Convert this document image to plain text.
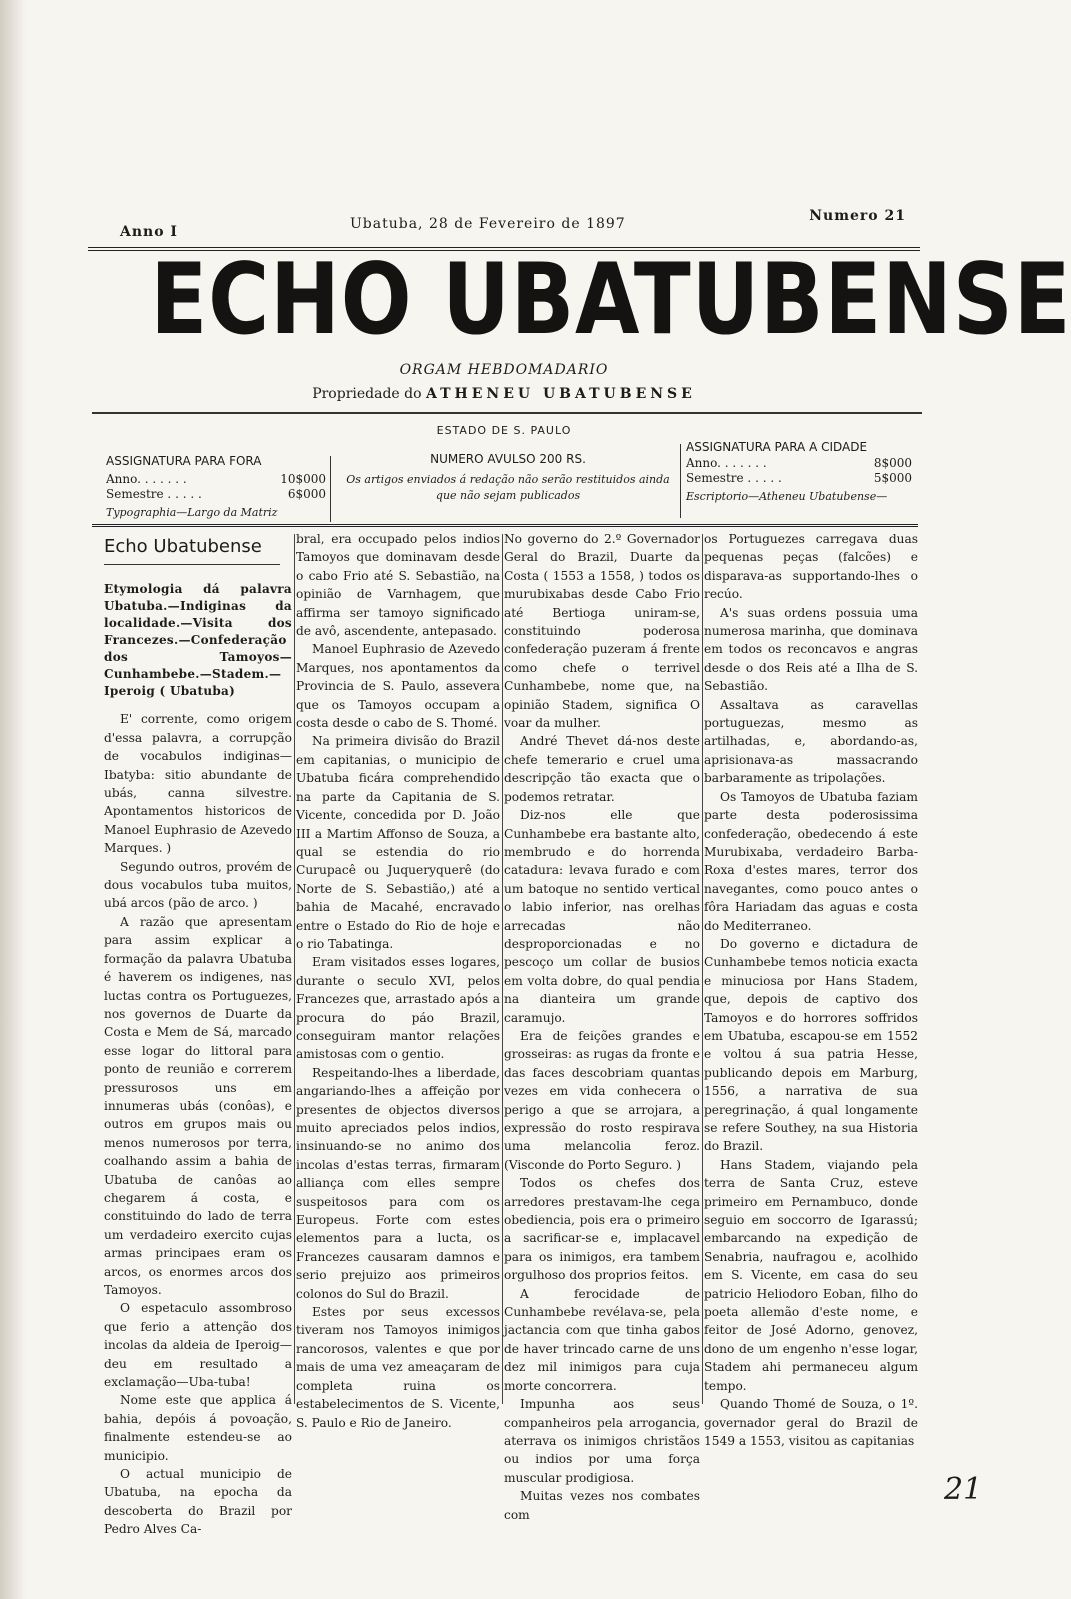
Anno I	Ubatuba, 28 de Fevereiro de 1897	Numero 21
ECHO UBATUBENSE
ORGAM HEBDOMADARIO
Propriedade do ATHENEU UBATUBENSE
ESTADO DE S. PAULO
ASSIGNATURA PARA FORA
Anno. . . . . . .	10$000
Semestre . . . . .	6$000
Typographia—Largo da Matriz
NUMERO AVULSO 200 RS.
Os artigos enviados á redação não serão restituidos ainda que não sejam publicados
ASSIGNATURA PARA A CIDADE
Anno. . . . . . .	8$000
Semestre . . . . .	5$000
Escriptorio—Atheneu Ubatubense—
Echo Ubatubense

Etymologia dá palavra Ubatuba.—Indiginas da localidade.—Visita dos Francezes.—Confederação dos Tamoyos—Cunhambebe.—Stadem.— Iperoig ( Ubatuba)

E' corrente, como origem d'essa palavra, a corrupção de vocabulos indiginas—Ibatyba: sitio abundante de ubás, canna silvestre. Apontamentos historicos de Manoel Euphrasio de Azevedo Marques. )

Segundo outros, provém de dous vocabulos tuba muitos, ubá arcos (pão de arco. )

A razão que apresentam para assim explicar a formação da palavra Ubatuba é haverem os indigenes, nas luctas contra os Portuguezes, nos governos de Duarte da Costa e Mem de Sá, marcado esse logar do littoral para ponto de reunião e correrem pressurosos uns em innumeras ubás (conôas), e outros em grupos mais ou menos numerosos por terra, coalhando assim a bahia de Ubatuba de canôas ao chegarem á costa, e constituindo do lado de terra um verdadeiro exercito cujas armas principaes eram os arcos, os enormes arcos dos Tamoyos.

O espetaculo assombroso que ferio a attenção dos incolas da aldeia de Iperoig—deu em resultado a exclamação—Uba-tuba!

Nome este que applica á bahia, depóis á povoação, finalmente estendeu-se ao municipio.

O actual municipio de Ubatuba, na epocha da descoberta do Brazil por Pedro Alves Ca-

bral, era occupado pelos indios Tamoyos que dominavam desde o cabo Frio até S. Sebastião, na opinião de Varnhagem, que affirma ser tamoyo significado de avô, ascendente, antepasado.

Manoel Euphrasio de Azevedo Marques, nos apontamentos da Provincia de S. Paulo, assevera que os Tamoyos occupam a costa desde o cabo de S. Thomé.

Na primeira divisão do Brazil em capitanias, o municipio de Ubatuba ficára comprehendido na parte da Capitania de S. Vicente, concedida por D. João III a Martim Affonso de Souza, a qual se estendia do rio Curupacê ou Juqueryquerê (do Norte de S. Sebastião,) até a bahia de Macahé, encravado entre o Estado do Rio de hoje e o rio Tabatinga.

Eram visitados esses logares, durante o seculo XVI, pelos Francezes que, arrastado após a procura do páo Brazil, conseguiram mantor relações amistosas com o gentio.

Respeitando-lhes a liberdade, angariando-lhes a affeição por presentes de objectos diversos muito apreciados pelos indios, insinuando-se no animo dos incolas d'estas terras, firmaram alliança com elles sempre suspeitosos para com os Europeus. Forte com estes elementos para a lucta, os Francezes causaram damnos e serio prejuizo aos primeiros colonos do Sul do Brazil.

Estes por seus excessos tiveram nos Tamoyos inimigos rancorosos, valentes e que por mais de uma vez ameaçaram de completa ruina os estabelecimentos de S. Vicente, S. Paulo e Rio de Janeiro.

No governo do 2.º Governador Geral do Brazil, Duarte da Costa ( 1553 a 1558, ) todos os murubixabas desde Cabo Frio até Bertioga uniram-se, constituindo poderosa confederação puzeram á frente como chefe o terrivel Cunhambebe, nome que, na opinião Stadem, significa O voar da mulher.

André Thevet dá-nos deste chefe temerario e cruel uma descripção tão exacta que o podemos retratar.

Diz-nos elle que Cunhambebe era bastante alto, membrudo e do horrenda catadura: levava furado e com um batoque no sentido vertical o labio inferior, nas orelhas arrecadas não desproporcionadas e no pescoço um collar de busios em volta dobre, do qual pendia na dianteira um grande caramujo.

Era de feições grandes e grosseiras: as rugas da fronte e das faces descobriam quantas vezes em vida conhecera o perigo a que se arrojara, a expressão do rosto respirava uma melancolia feroz. (Visconde do Porto Seguro. )

Todos os chefes dos arredores prestavam-lhe cega obediencia, pois era o primeiro a sacrificar-se e, implacavel para os inimigos, era tambem orgulhoso dos proprios feitos.

A ferocidade de Cunhambebe revélava-se, pela jactancia com que tinha gabos de haver trincado carne de uns dez mil inimigos para cuja morte concorrera.

Impunha aos seus companheiros pela arrogancia, aterrava os inimigos christãos ou indios por uma força muscular prodigiosa.

Muitas vezes nos combates com

os Portuguezes carregava duas pequenas peças (falcões) e disparava-as supportando-lhes o recúo.

A's suas ordens possuia uma numerosa marinha, que dominava em todos os reconcavos e angras desde o dos Reis até a Ilha de S. Sebastião.

Assaltava as caravellas portuguezas, mesmo as artilhadas, e, abordando-as, aprisionava-as massacrando barbaramente as tripolações.

Os Tamoyos de Ubatuba faziam parte desta poderosissima confederação, obedecendo á este Murubixaba, verdadeiro Barba-Roxa d'estes mares, terror dos navegantes, como pouco antes o fôra Hariadam das aguas e costa do Mediterraneo.

Do governo e dictadura de Cunhambebe temos noticia exacta e minuciosa por Hans Stadem, que, depois de captivo dos Tamoyos e do horrores soffridos em Ubatuba, escapou-se em 1552 e voltou á sua patria Hesse, publicando depois em Marburg, 1556, a narrativa de sua peregrinação, á qual longamente se refere Southey, na sua Historia do Brazil.

Hans Stadem, viajando pela terra de Santa Cruz, esteve primeiro em Pernambuco, donde seguio em soccorro de Igarassú; embarcando na expedição de Senabria, naufragou e, acolhido em S. Vicente, em casa do seu patricio Heliodoro Eoban, filho do poeta allemão d'este nome, e feitor de José Adorno, genovez, dono de um engenho n'esse logar, Stadem ahi permaneceu algum tempo.

Quando Thomé de Souza, o 1º. governador geral do Brazil de 1549 a 1553, visitou as capitanias

21
